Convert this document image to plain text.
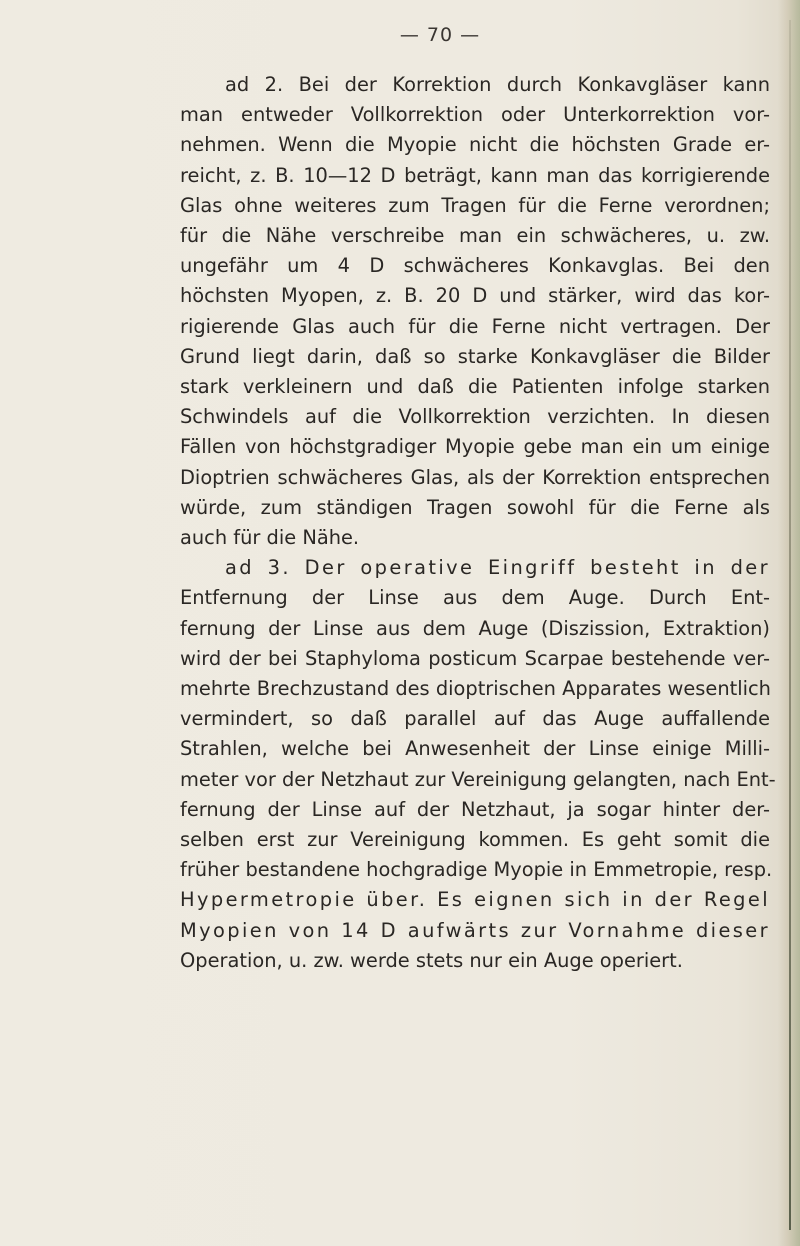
— 70 —
ad 2. Bei der Korrektion durch Konkavgläser kann
man entweder Vollkorrektion oder Unterkorrektion vor-
nehmen. Wenn die Myopie nicht die höchsten Grade er-
reicht, z. B. 10—12 D beträgt, kann man das korrigierende
Glas ohne weiteres zum Tragen für die Ferne verordnen;
für die Nähe verschreibe man ein schwächeres, u. zw.
ungefähr um 4 D schwächeres Konkavglas. Bei den
höchsten Myopen, z. B. 20 D und stärker, wird das kor-
rigierende Glas auch für die Ferne nicht vertragen. Der
Grund liegt darin, daß so starke Konkavgläser die Bilder
stark verkleinern und daß die Patienten infolge starken
Schwindels auf die Vollkorrektion verzichten. In diesen
Fällen von höchstgradiger Myopie gebe man ein um einige
Dioptrien schwächeres Glas, als der Korrektion entsprechen
würde, zum ständigen Tragen sowohl für die Ferne als
auch für die Nähe.
ad 3. Der operative Eingriff besteht in der
Entfernung der Linse aus dem Auge. Durch Ent-
fernung der Linse aus dem Auge (Diszission, Extraktion)
wird der bei Staphyloma posticum Scarpae bestehende ver-
mehrte Brechzustand des dioptrischen Apparates wesentlich
vermindert, so daß parallel auf das Auge auffallende
Strahlen, welche bei Anwesenheit der Linse einige Milli-
meter vor der Netzhaut zur Vereinigung gelangten, nach Ent-
fernung der Linse auf der Netzhaut, ja sogar hinter der-
selben erst zur Vereinigung kommen. Es geht somit die
früher bestandene hochgradige Myopie in Emmetropie, resp.
Hypermetropie über. Es eignen sich in der Regel
Myopien von 14 D aufwärts zur Vornahme dieser
Operation, u. zw. werde stets nur ein Auge operiert.
